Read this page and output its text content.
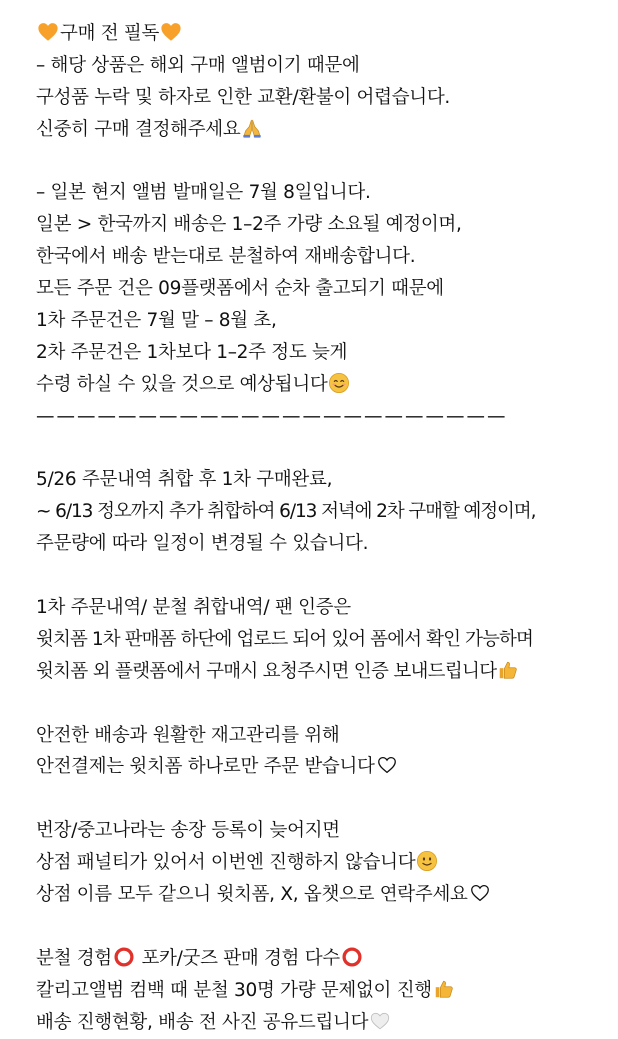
구매 전 필독
– 해당 상품은 해외 구매 앨범이기 때문에
구성품 누락 및 하자로 인한 교환/환불이 어렵습니다.
신중히 구매 결정해주세요
– 일본 현지 앨범 발매일은 7월 8일입니다.
일본 > 한국까지 배송은 1–2주 가량 소요될 예정이며,
한국에서 배송 받는대로 분철하여 재배송합니다.
모든 주문 건은 09플랫폼에서 순차 출고되기 때문에
1차 주문건은 7월 말 – 8월 초,
2차 주문건은 1차보다 1–2주 정도 늦게
수령 하실 수 있을 것으로 예상됩니다
———————————————————————
5/26 주문내역 취합 후 1차 구매완료,
~ 6/13 정오까지 추가 취합하여 6/13 저녁에 2차 구매할 예정이며,
주문량에 따라 일정이 변경될 수 있습니다.
1차 주문내역/ 분철 취합내역/ 팬 인증은
윗치폼 1차 판매폼 하단에 업로드 되어 있어 폼에서 확인 가능하며
윗치폼 외 플랫폼에서 구매시 요청주시면 인증 보내드립니다
안전한 배송과 원활한 재고관리를 위해
안전결제는 윗치폼 하나로만 주문 받습니다
번장/중고나라는 송장 등록이 늦어지면
상점 패널티가 있어서 이번엔 진행하지 않습니다
상점 이름 모두 같으니 윗치폼, X, 옵챗으로 연락주세요
분철 경험
포카/굿즈 판매 경험 다수
칼리고앨범 컴백 때 분철 30명 가량 문제없이 진행
배송 진행현황, 배송 전 사진 공유드립니다
